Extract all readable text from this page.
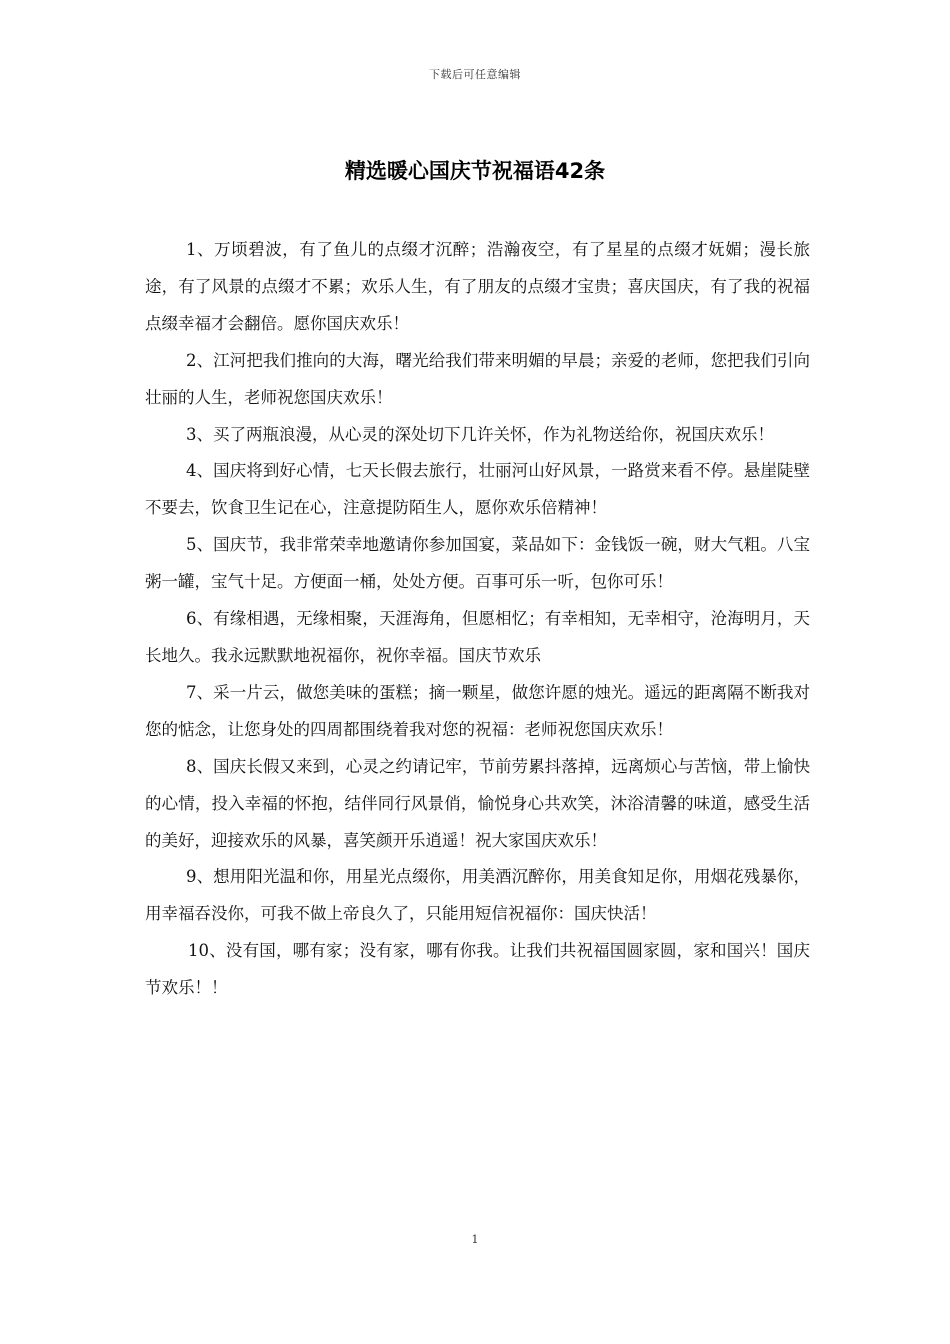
下载后可任意编辑
精选暖心国庆节祝福语42条

1、万顷碧波，有了鱼儿的点缀才沉醉；浩瀚夜空，有了星星的点缀才妩媚；漫长旅途，有了风景的点缀才不累；欢乐人生，有了朋友的点缀才宝贵；喜庆国庆，有了我的祝福点缀幸福才会翻倍。愿你国庆欢乐！

2、江河把我们推向的大海，曙光给我们带来明媚的早晨；亲爱的老师，您把我们引向壮丽的人生，老师祝您国庆欢乐！

3、买了两瓶浪漫，从心灵的深处切下几许关怀，作为礼物送给你，祝国庆欢乐！

4、国庆将到好心情，七天长假去旅行，壮丽河山好风景，一路赏来看不停。悬崖陡壁不要去，饮食卫生记在心，注意提防陌生人，愿你欢乐倍精神！

5、国庆节，我非常荣幸地邀请你参加国宴，菜品如下：金钱饭一碗，财大气粗。八宝粥一罐，宝气十足。方便面一桶，处处方便。百事可乐一听，包你可乐！

6、有缘相遇，无缘相聚，天涯海角，但愿相忆；有幸相知，无幸相守，沧海明月，天长地久。我永远默默地祝福你，祝你幸福。国庆节欢乐

7、采一片云，做您美味的蛋糕；摘一颗星，做您许愿的烛光。遥远的距离隔不断我对您的惦念，让您身处的四周都围绕着我对您的祝福：老师祝您国庆欢乐！

8、国庆长假又来到，心灵之约请记牢，节前劳累抖落掉，远离烦心与苦恼，带上愉快的心情，投入幸福的怀抱，结伴同行风景俏，愉悦身心共欢笑，沐浴清馨的味道，感受生活的美好，迎接欢乐的风暴，喜笑颜开乐逍遥！祝大家国庆欢乐！

9、想用阳光温和你，用星光点缀你，用美酒沉醉你，用美食知足你，用烟花残暴你，用幸福吞没你，可我不做上帝良久了，只能用短信祝福你：国庆快活！

10、没有国，哪有家；没有家，哪有你我。让我们共祝福国圆家圆，家和国兴！国庆节欢乐！！

1
